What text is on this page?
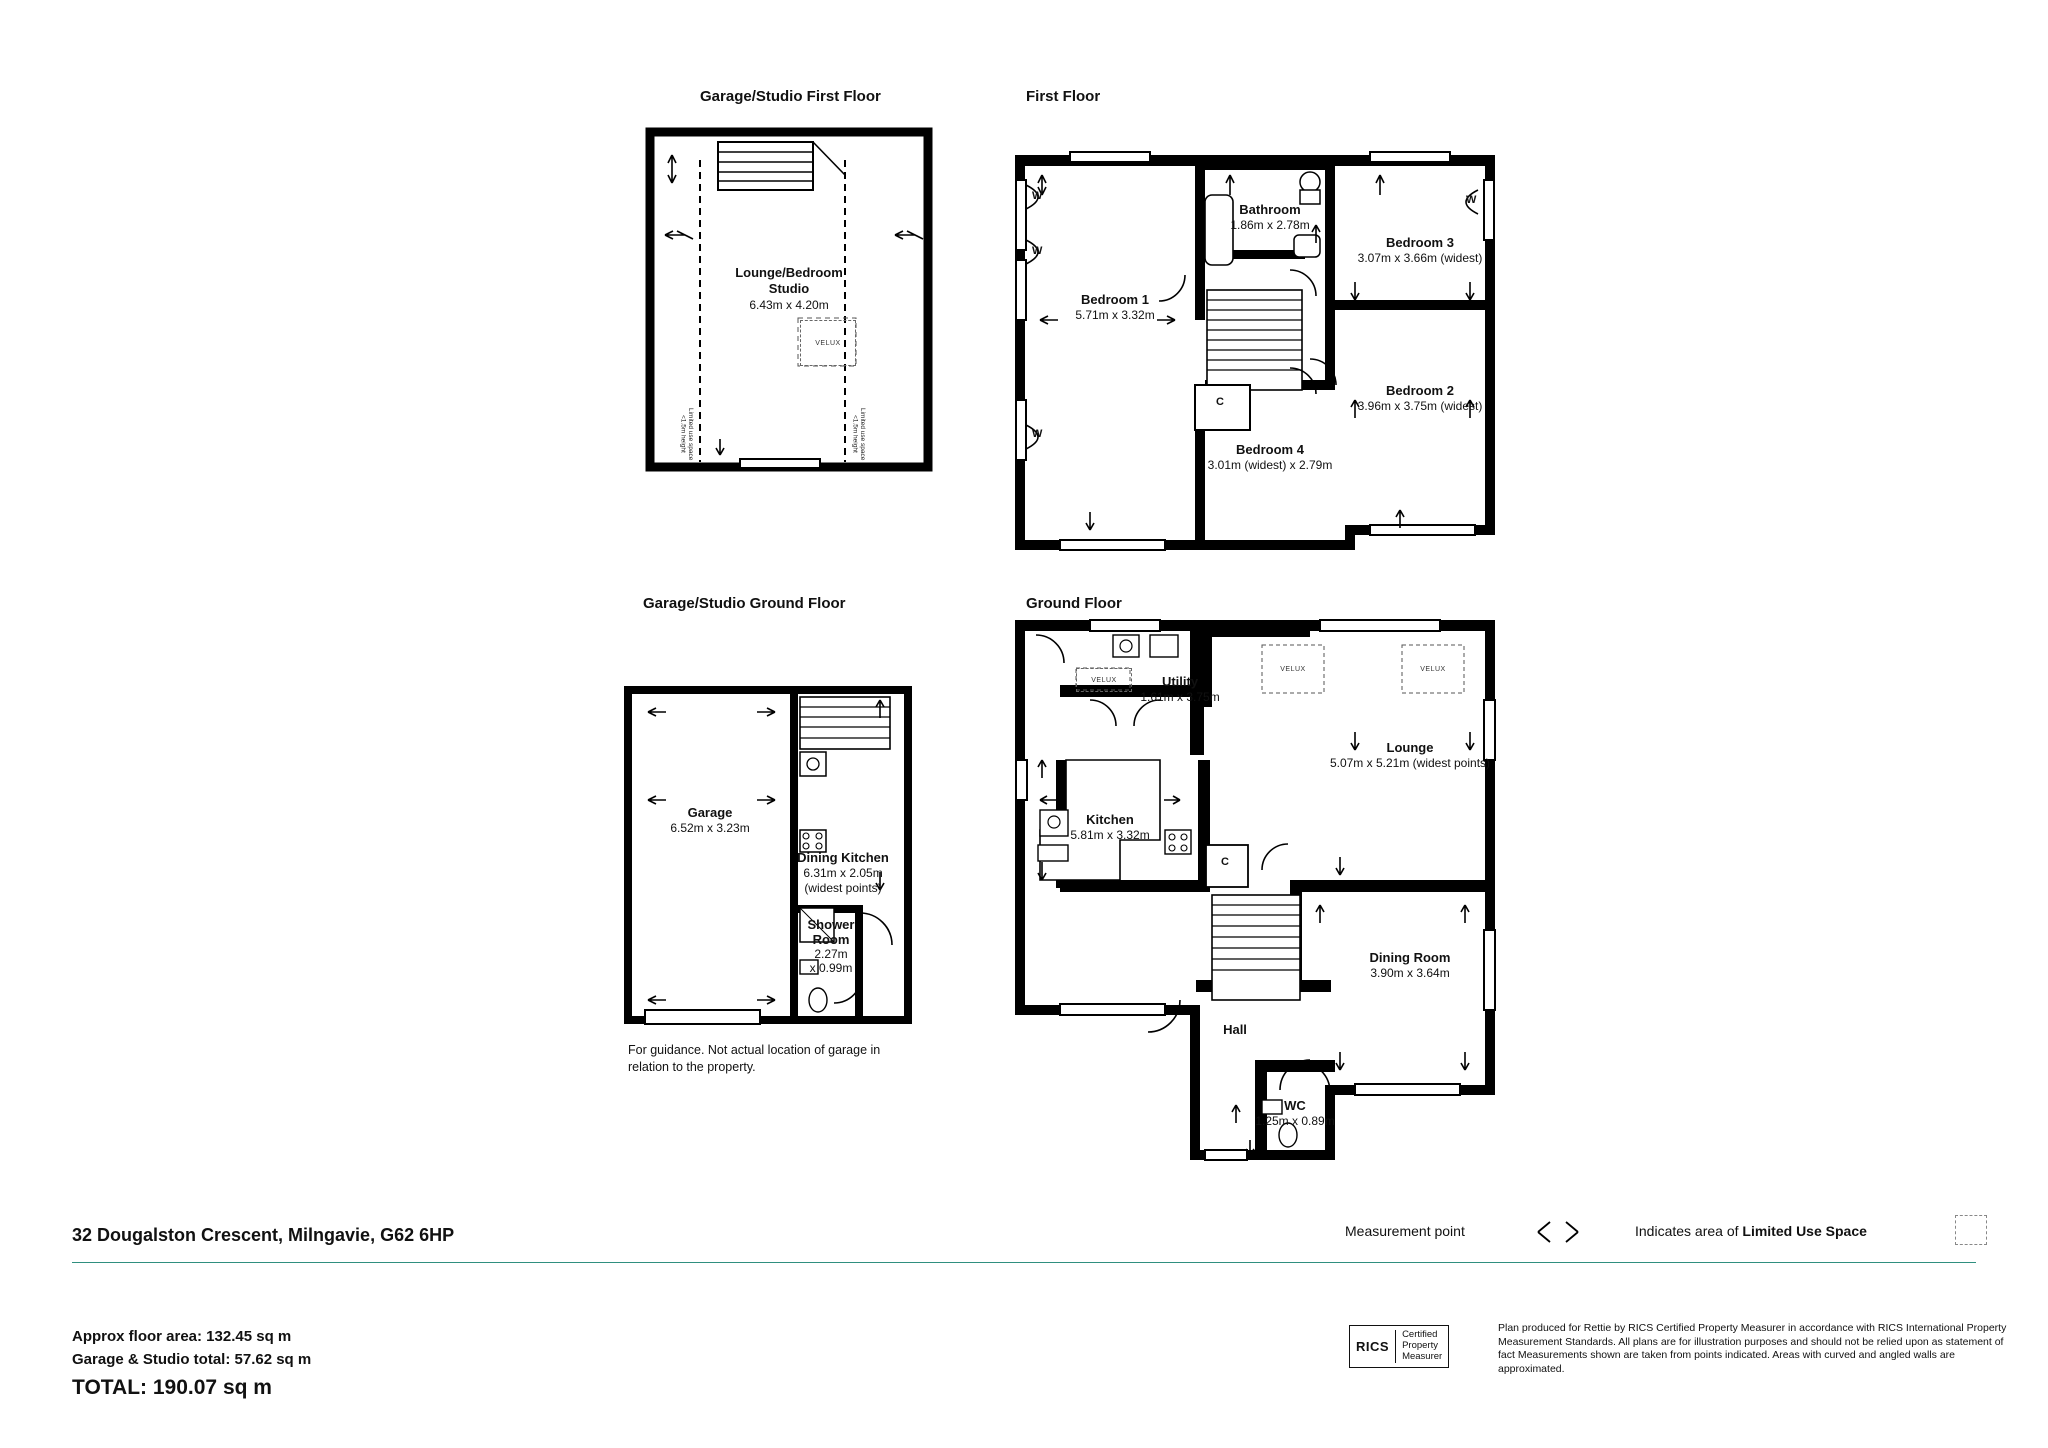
Garage/Studio First Floor	First Floor
Garage/Studio Ground Floor	Ground Floor
Lounge/Bedroom
Studio
6.43m x 4.20m
VELUX
Limited use space <1.5m height	Limited use space <1.5m height
Bedroom 1
5.71m x 3.32m
Bathroom
1.86m x 2.78m
Bedroom 3
3.07m x 3.66m (widest)
Bedroom 2
3.96m x 3.75m (widest)
Bedroom 4
3.01m (widest) x 2.79m
W
W
W
W
C
Garage
6.52m x 3.23m
Dining Kitchen
6.31m x 2.05m
(widest points)
Shower
Room
2.27m
x 0.99m
For guidance. Not actual location of garage in relation to the property.
Utility
1.61m x 3.75m
VELUX
VELUX	VELUX
Lounge
5.07m x 5.21m (widest points)
Kitchen
5.81m x 3.32m
Dining Room
3.90m x 3.64m
Hall
WC
1.25m x 0.89m
C
32 Dougalston Crescent, Milngavie, G62 6HP
Approx floor area: 132.45 sq m
Garage & Studio total: 57.62 sq m
TOTAL: 190.07 sq m
Measurement point	Indicates area of Limited Use Space
RICS
Certified
Property
Measurer
Plan produced for Rettie by RICS Certified Property Measurer in accordance with RICS International Property Measurement Standards. All plans are for illustration purposes and should not be relied upon as statement of fact Measurements shown are taken from points indicated. Areas with curved and angled walls are approximated.
